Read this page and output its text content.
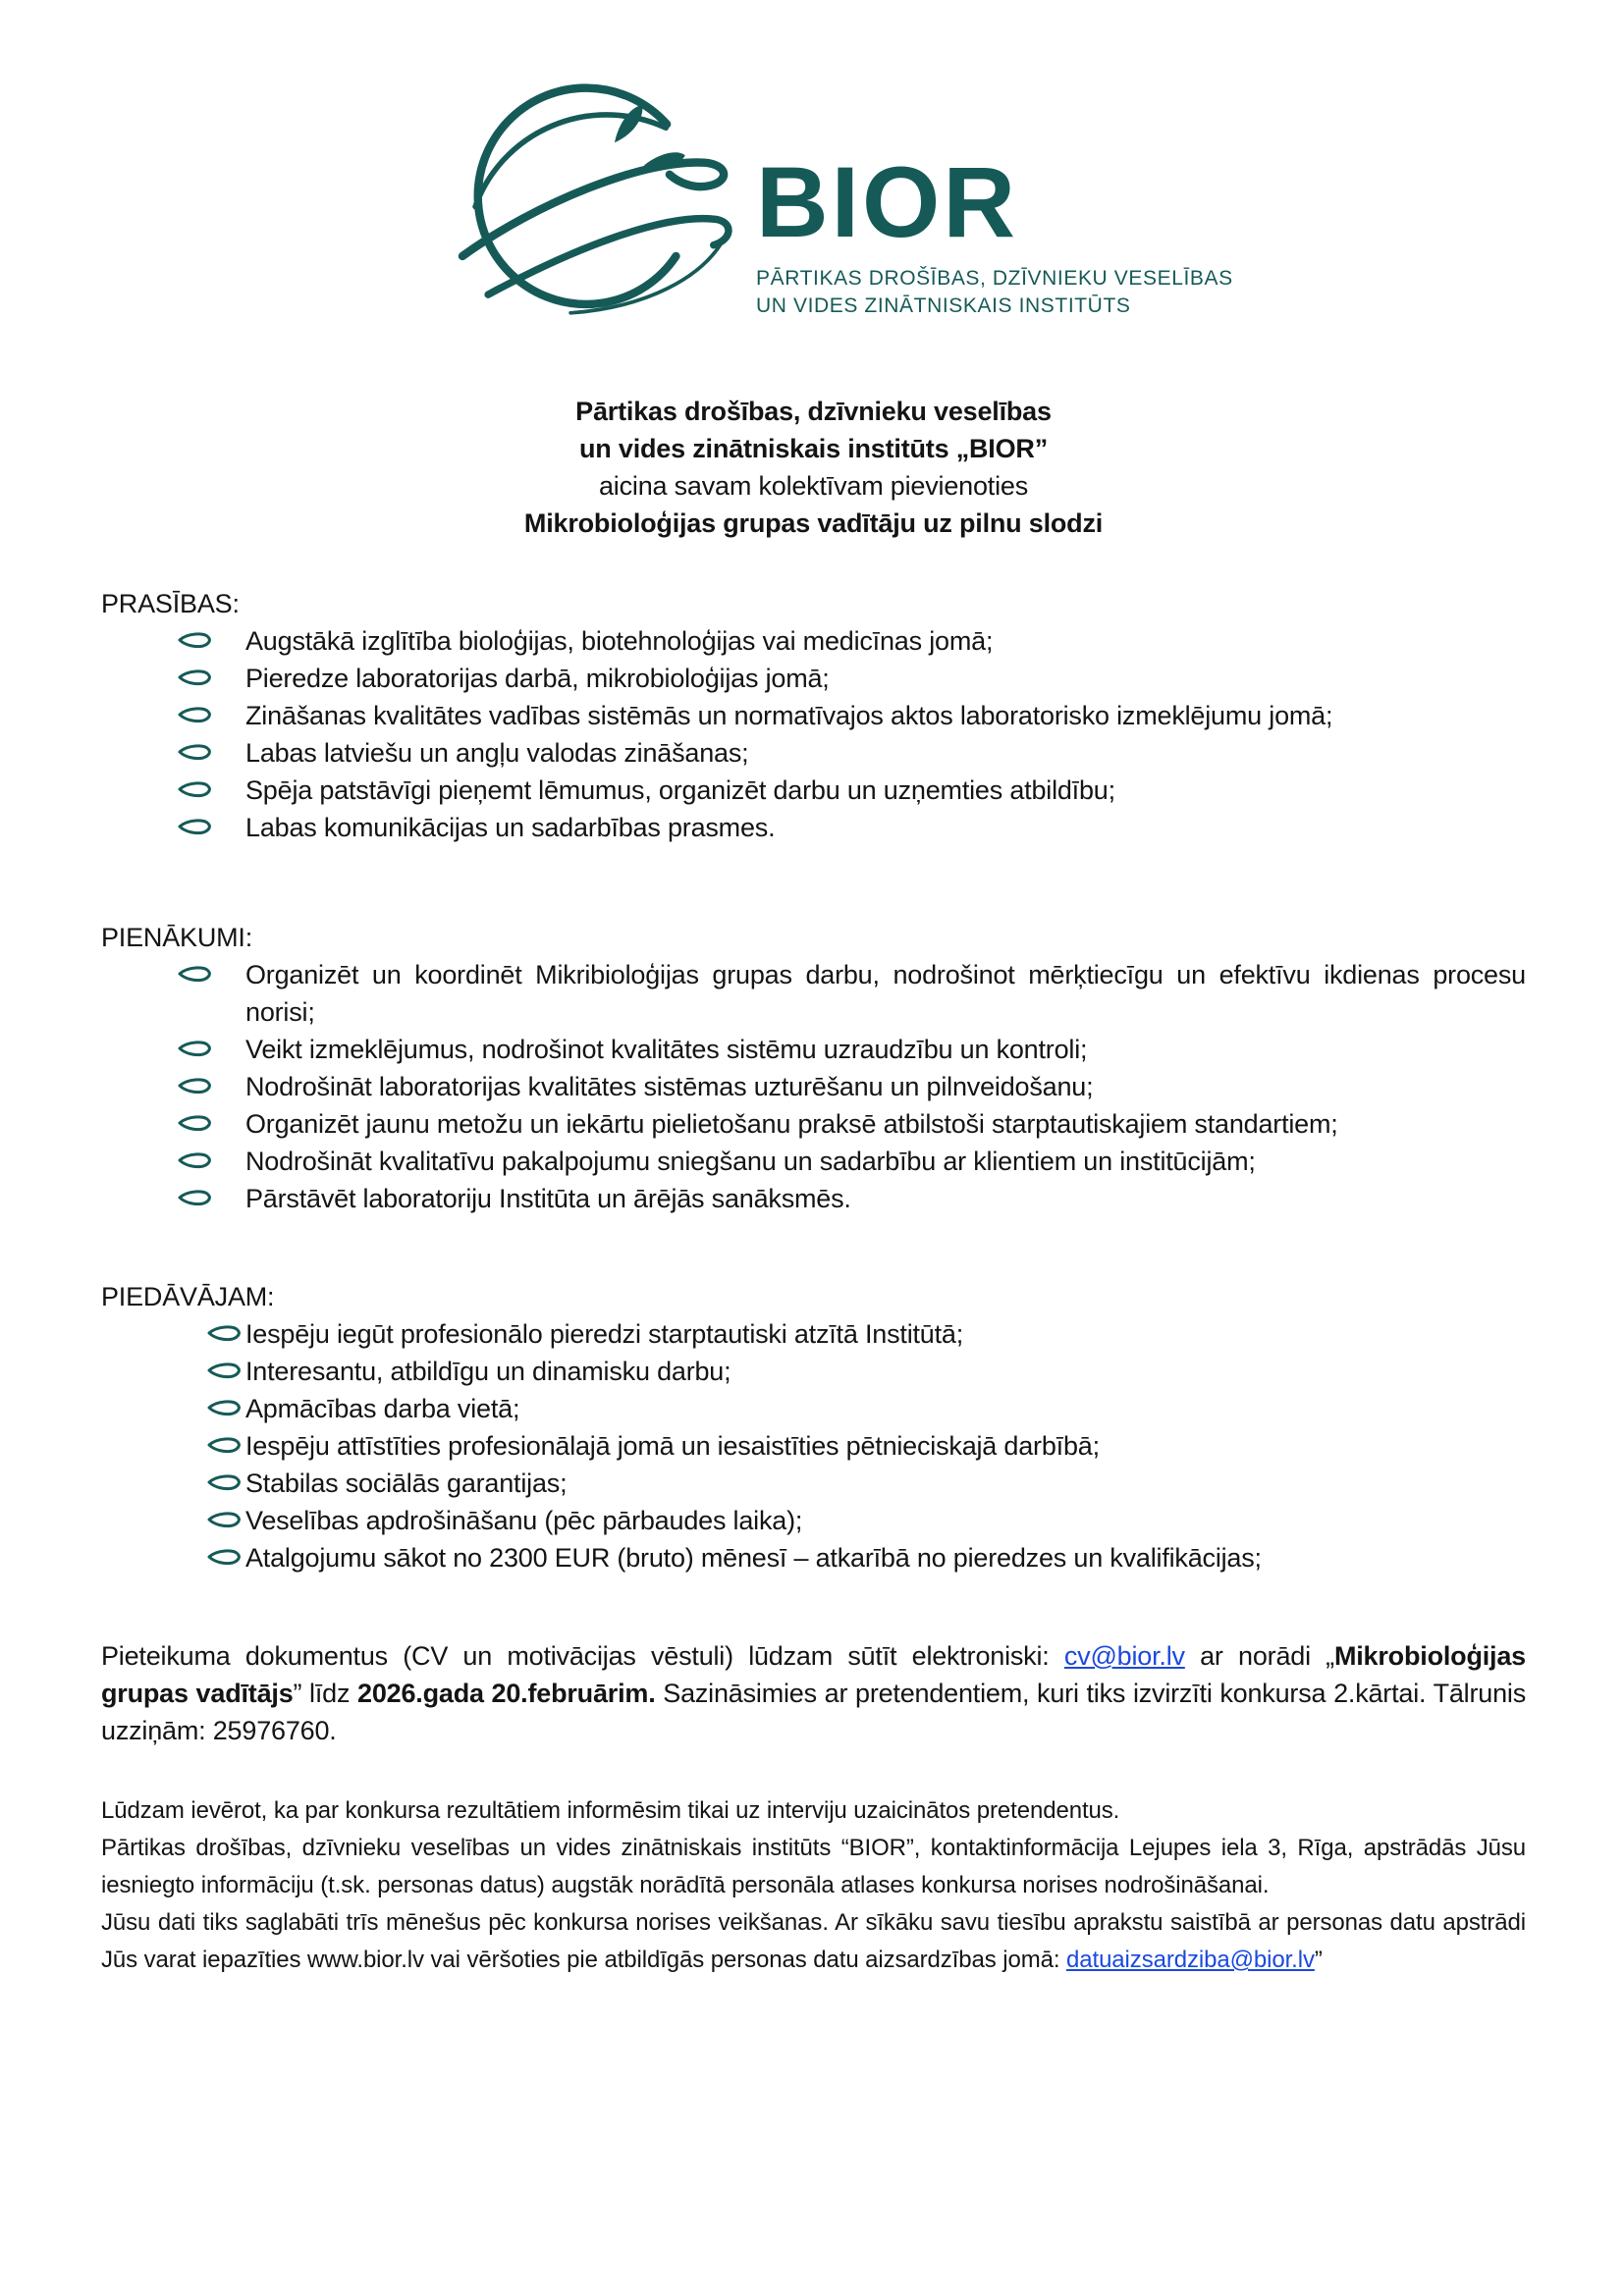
BIOR
PĀRTIKAS DROŠĪBAS, DZĪVNIEKU VESELĪBAS
UN VIDES ZINĀTNISKAIS INSTITŪTS
Pārtikas drošības, dzīvnieku veselības
un vides zinātniskais institūts „BIOR”
aicina savam kolektīvam pievienoties
Mikrobioloģijas grupas vadītāju uz pilnu slodzi
PRASĪBAS:
Augstākā izglītība bioloģijas, biotehnoloģijas vai medicīnas jomā;
Pieredze laboratorijas darbā, mikrobioloģijas jomā;
Zināšanas kvalitātes vadības sistēmās un normatīvajos aktos laboratorisko izmeklējumu jomā;
Labas latviešu un angļu valodas zināšanas;
Spēja patstāvīgi pieņemt lēmumus, organizēt darbu un uzņemties atbildību;
Labas komunikācijas un sadarbības prasmes.
PIENĀKUMI:
Organizēt un koordinēt Mikribioloģijas grupas darbu, nodrošinot mērķtiecīgu un efektīvu ikdienas procesu norisi;
Veikt izmeklējumus, nodrošinot kvalitātes sistēmu uzraudzību un kontroli;
Nodrošināt laboratorijas kvalitātes sistēmas uzturēšanu un pilnveidošanu;
Organizēt jaunu metožu un iekārtu pielietošanu praksē atbilstoši starptautiskajiem standartiem;
Nodrošināt kvalitatīvu pakalpojumu sniegšanu un sadarbību ar klientiem un institūcijām;
Pārstāvēt laboratoriju Institūta un ārējās sanāksmēs.
PIEDĀVĀJAM:
Iespēju iegūt profesionālo pieredzi starptautiski atzītā Institūtā;
Interesantu, atbildīgu un dinamisku darbu;
Apmācības darba vietā;
Iespēju attīstīties profesionālajā jomā un iesaistīties pētnieciskajā darbībā;
Stabilas sociālās garantijas;
Veselības apdrošināšanu (pēc pārbaudes laika);
Atalgojumu sākot no 2300 EUR (bruto) mēnesī – atkarībā no pieredzes un kvalifikācijas;
Pieteikuma dokumentus (CV un motivācijas vēstuli) lūdzam sūtīt elektroniski: cv@bior.lv ar norādi „Mikrobioloģijas grupas vadītājs” līdz 2026.gada 20.februārim. Sazināsimies ar pretendentiem, kuri tiks izvirzīti konkursa 2.kārtai. Tālrunis uzziņām: 25976760.

Lūdzam ievērot, ka par konkursa rezultātiem informēsim tikai uz interviju uzaicinātos pretendentus.

Pārtikas drošības, dzīvnieku veselības un vides zinātniskais institūts “BIOR”, kontaktinformācija Lejupes iela 3, Rīga, apstrādās Jūsu iesniegto informāciju (t.sk. personas datus) augstāk norādītā personāla atlases konkursa norises nodrošināšanai.

Jūsu dati tiks saglabāti trīs mēnešus pēc konkursa norises veikšanas. Ar sīkāku savu tiesību aprakstu saistībā ar personas datu apstrādi Jūs varat iepazīties www.bior.lv vai vēršoties pie atbildīgās personas datu aizsardzības jomā: datuaizsardziba@bior.lv”
